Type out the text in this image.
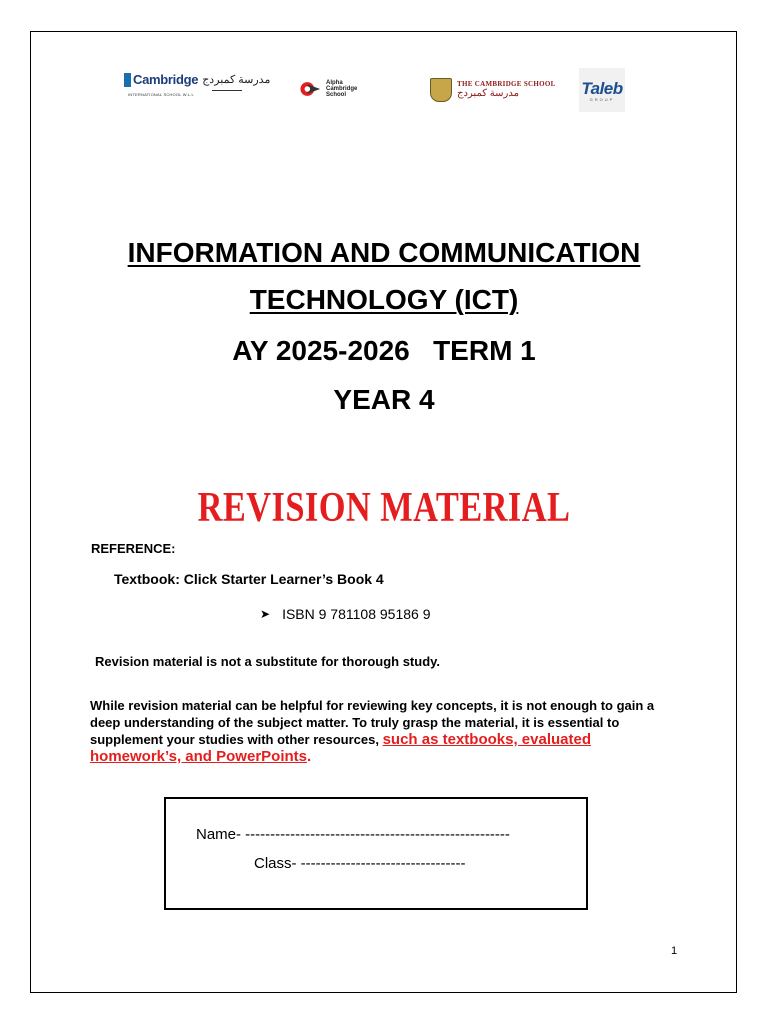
Cambridge مدرسة كمبردج
INTERNATIONAL SCHOOL W.L.L
Alpha
Cambridge
School
THE CAMBRIDGE SCHOOL
مدرسة كمبردج	Taleb
GROUP
INFORMATION AND COMMUNICATION
TECHNOLOGY (ICT)
AY 2025-2026   TERM 1
YEAR 4
REVISION MATERIAL
REFERENCE:
Textbook: Click Starter Learner’s Book 4
➤ ISBN 9 781108 95186 9
Revision material is not a substitute for thorough study.
While revision material can be helpful for reviewing key concepts, it is not enough to gain a deep understanding of the subject matter. To truly grasp the material, it is essential to supplement your studies with other resources, such as textbooks, evaluated homework’s, and PowerPoints.
Name- -----------------------------------------------------
Class- ---------------------------------
1
